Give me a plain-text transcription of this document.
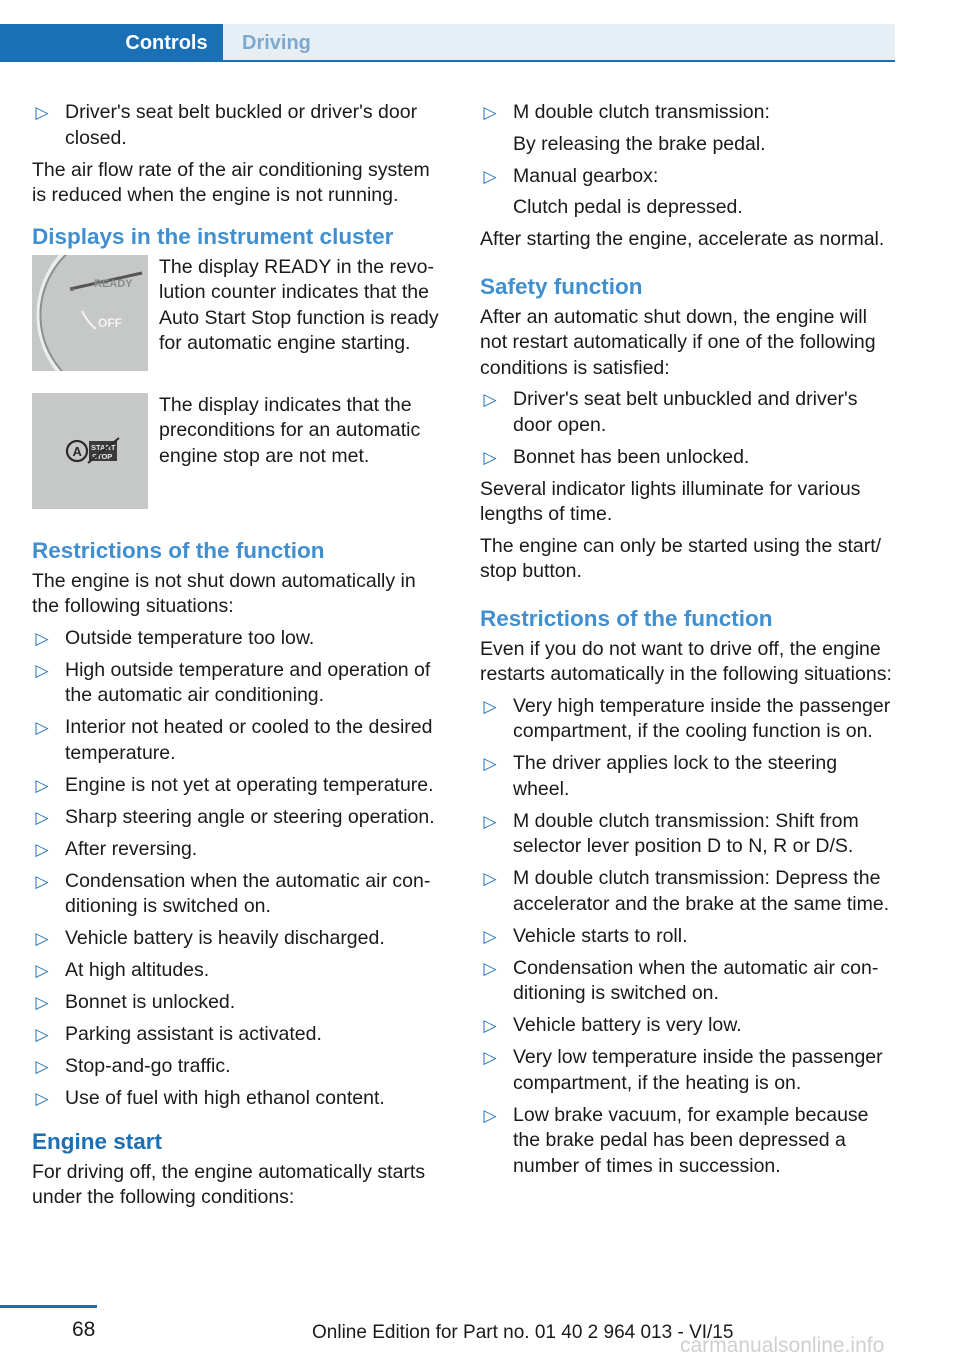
Controls	Driving
▷ Driver's seat belt buckled or driver's door closed.

The air flow rate of the air conditioning system is reduced when the engine is not running.

Displays in the instrument cluster
READY
OFF
The display READY in the revolution counter indicates that the Auto Start Stop function is ready for automatic engine starting.
A START
STOP
The display indicates that the preconditions for an automatic engine stop are not met.
Restrictions of the function

The engine is not shut down automatically in the following situations:

▷ Outside temperature too low.
▷ High outside temperature and operation of the automatic air conditioning.
▷ Interior not heated or cooled to the desired temperature.
▷ Engine is not yet at operating temperature.
▷ Sharp steering angle or steering operation.
▷ After reversing.
▷ Condensation when the automatic air conditioning is switched on.
▷ Vehicle battery is heavily discharged.
▷ At high altitudes.
▷ Bonnet is unlocked.
▷ Parking assistant is activated.
▷ Stop-and-go traffic.
▷ Use of fuel with high ethanol content.
Engine start

For driving off, the engine automatically starts under the following conditions:

▷ M double clutch transmission:
By releasing the brake pedal.
▷ Manual gearbox:
Clutch pedal is depressed.

After starting the engine, accelerate as normal.

Safety function

After an automatic shut down, the engine will not restart automatically if one of the following conditions is satisfied:

▷ Driver's seat belt unbuckled and driver's door open.
▷ Bonnet has been unlocked.

Several indicator lights illuminate for various lengths of time.

The engine can only be started using the start/ stop button.

Restrictions of the function

Even if you do not want to drive off, the engine restarts automatically in the following situations:

▷ Very high temperature inside the passenger compartment, if the cooling function is on.
▷ The driver applies lock to the steering wheel.
▷ M double clutch transmission: Shift from selector lever position D to N, R or D/S.
▷ M double clutch transmission: Depress the accelerator and the brake at the same time.
▷ Vehicle starts to roll.
▷ Condensation when the automatic air conditioning is switched on.
▷ Vehicle battery is very low.
▷ Very low temperature inside the passenger compartment, if the heating is on.
▷ Low brake vacuum, for example because the brake pedal has been depressed a number of times in succession.
68	Online Edition for Part no. 01 40 2 964 013 - VI/15
carmanualsonline.info
